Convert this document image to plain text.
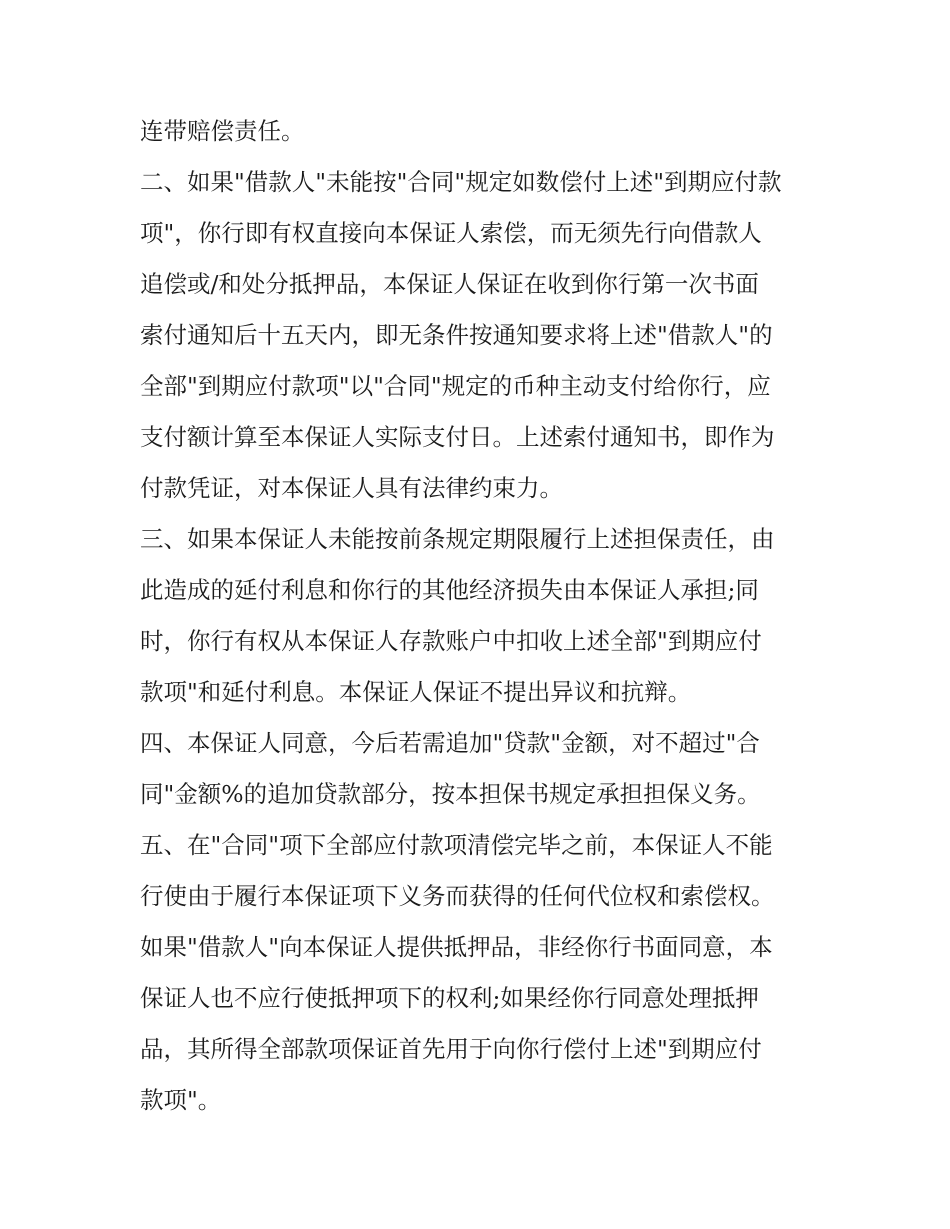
连带赔偿责任。
二、如果"借款人"未能按"合同"规定如数偿付上述"到期应付款
项"，你行即有权直接向本保证人索偿，而无须先行向借款人
追偿或/和处分抵押品，本保证人保证在收到你行第一次书面
索付通知后十五天内，即无条件按通知要求将上述"借款人"的
全部"到期应付款项"以"合同"规定的币种主动支付给你行，应
支付额计算至本保证人实际支付日。上述索付通知书，即作为
付款凭证，对本保证人具有法律约束力。
三、如果本保证人未能按前条规定期限履行上述担保责任，由
此造成的延付利息和你行的其他经济损失由本保证人承担;同
时，你行有权从本保证人存款账户中扣收上述全部"到期应付
款项"和延付利息。本保证人保证不提出异议和抗辩。
四、本保证人同意，今后若需追加"贷款"金额，对不超过"合
同"金额%的追加贷款部分，按本担保书规定承担担保义务。
五、在"合同"项下全部应付款项清偿完毕之前，本保证人不能
行使由于履行本保证项下义务而获得的任何代位权和索偿权。
如果"借款人"向本保证人提供抵押品，非经你行书面同意，本
保证人也不应行使抵押项下的权利;如果经你行同意处理抵押
品，其所得全部款项保证首先用于向你行偿付上述"到期应付
款项"。
